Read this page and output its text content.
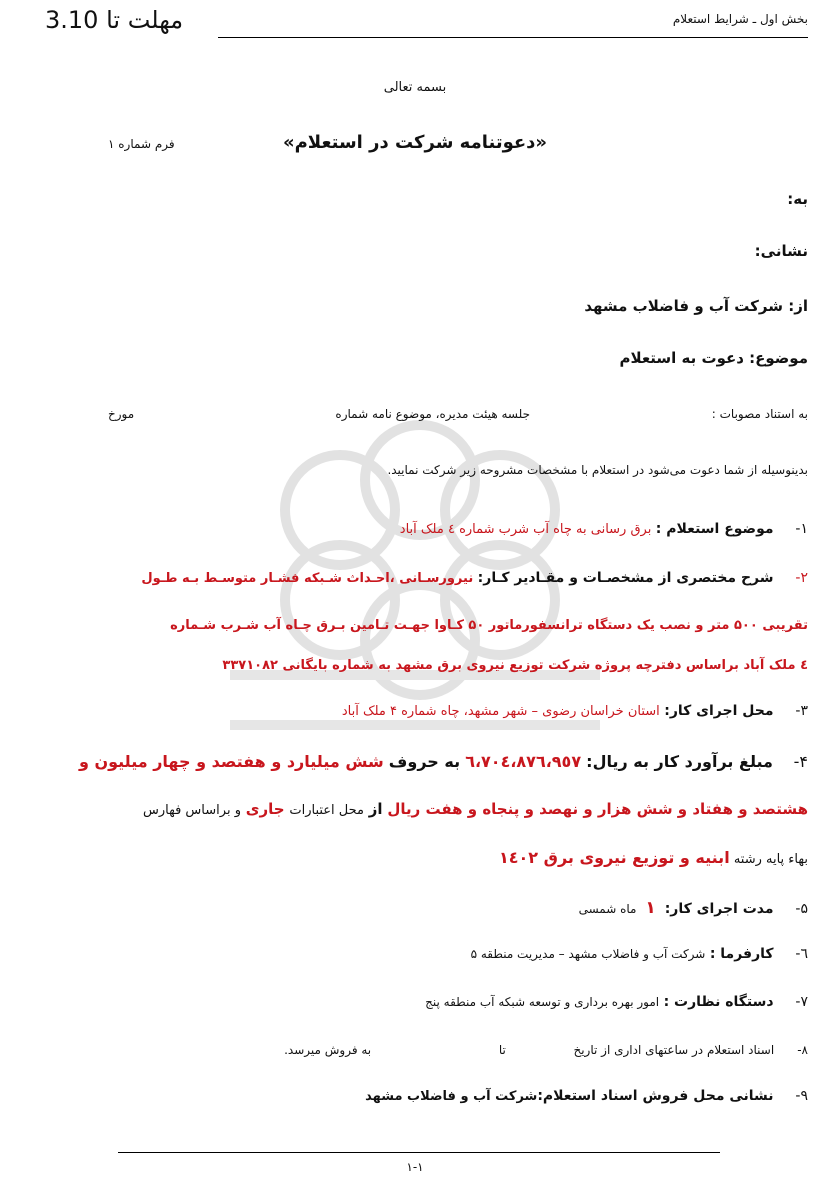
مهلت تا 3.10	بخش اول ـ شرایط استعلام
بسمه تعالی
«دعوتنامه شرکت در استعلام»
فرم شماره ۱
به:
نشانی:
از: شرکت آب و فاضلاب مشهد
موضوع: دعوت به استعلام
به استناد مصوبات :
جلسه هیئت مدیره، موضوع نامه شماره
مورخ
بدینوسیله از شما دعوت می‌شود در استعلام با مشخصات مشروحه زیر شرکت نمایید.
۱- موضوع استعلام : برق رسانی به چاه آب شرب شماره ٤ ملک آباد
۲- شرح مختصری از مشخصـات و مقـادیر کـار: نیرورسـانی ،احـداث شـبکه فشـار متوسـط بـه طـول
تقریبی ۵۰۰ متر و نصب یک دستگاه ترانسفورماتور ۵۰ کـاوا جهـت تـامین بـرق چـاه آب شـرب شـماره
٤ ملک آباد براساس دفترچه پروژه شرکت توزیع نیروی برق مشهد به شماره بایگانی ۳۳۷۱۰۸۲
۳- محل اجرای کار: استان خراسان رضوی – شهر مشهد، چاه شماره ۴ ملک آباد
۴- مبلغ برآورد کار به ریال: ٦،٧٠٤،٨٧٦،٩٥٧ به حروف شش میلیارد و هفتصد و چهار میلیون و
هشتصد و هفتاد و شش هزار و نهصد و پنجاه و هفت ریال از محل اعتبارات جاری و براساس فهارس
بهاء پایه رشته ابنیه و توزیع نیروی برق ۱٤۰۲
۵- مدت اجرای کار:  ۱  ماه شمسی
٦- کارفرما : شرکت آب و فاضلاب مشهد – مدیریت منطقه ۵
۷- دستگاه نظارت : امور بهره برداری و توسعه شبکه آب منطقه پنج
۸- اسناد استعلام در ساعتهای اداری از تاریخ  تا  به فروش میرسد.
۹- نشانی محل فروش اسناد استعلام:شرکت آب و فاضلاب مشهد
۱-۱
